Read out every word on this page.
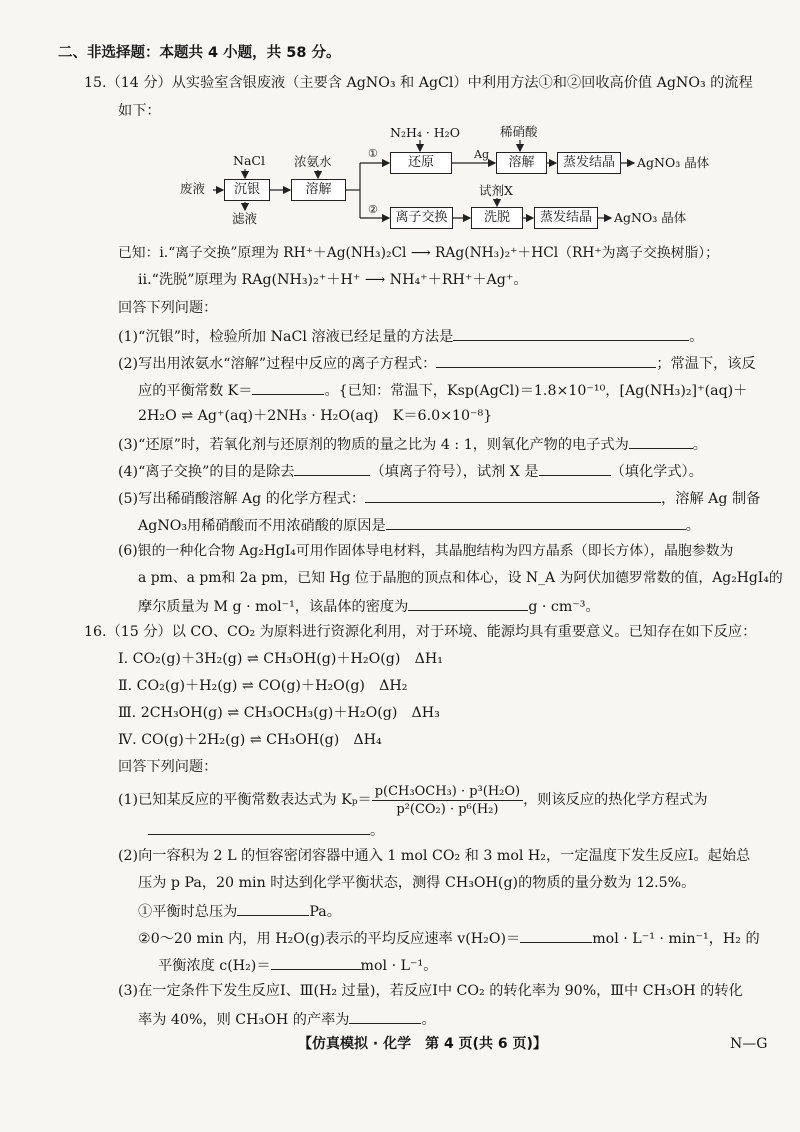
二、非选择题：本题共 4 小题，共 58 分。
15.（14 分）从实验室含银废液（主要含 AgNO₃ 和 AgCl）中利用方法①和②回收高价值 AgNO₃ 的流程
如下：
废液
NaCl
沉银
滤液
浓氨水
溶解
①
②
N₂H₄ · H₂O
还原
Ag
稀硝酸
溶解	蒸发结晶	AgNO₃ 晶体
离子交换
试剂X
洗脱	蒸发结晶	AgNO₃ 晶体
已知：ⅰ.“离子交换”原理为 RH⁺＋Ag(NH₃)₂Cl ⟶ RAg(NH₃)₂⁺＋HCl（RH⁺为离子交换树脂）；
ⅱ.“洗脱”原理为 RAg(NH₃)₂⁺＋H⁺ ⟶ NH₄⁺＋RH⁺＋Ag⁺。
回答下列问题：
(1)“沉银”时，检验所加 NaCl 溶液已经足量的方法是	。
(2)写出用浓氨水“溶解”过程中反应的离子方程式：	；常温下，该反
应的平衡常数 K＝	。{已知：常温下，Ksp(AgCl)＝1.8×10⁻¹⁰，[Ag(NH₃)₂]⁺(aq)＋
2H₂O ⇌ Ag⁺(aq)＋2NH₃ · H₂O(aq)　K＝6.0×10⁻⁸}
(3)“还原”时，若氧化剂与还原剂的物质的量之比为 4 : 1，则氧化产物的电子式为	。
(4)“离子交换”的目的是除去	（填离子符号），试剂 X 是	（填化学式）。
(5)写出稀硝酸溶解 Ag 的化学方程式：	，溶解 Ag 制备
AgNO₃用稀硝酸而不用浓硝酸的原因是	。
(6)银的一种化合物 Ag₂HgI₄可用作固体导电材料，其晶胞结构为四方晶系（即长方体），晶胞参数为
a pm、a pm和 2a pm，已知 Hg 位于晶胞的顶点和体心，设 N_A 为阿伏加德罗常数的值，Ag₂HgI₄的
摩尔质量为 M g · mol⁻¹，该晶体的密度为	g · cm⁻³。
16.（15 分）以 CO、CO₂ 为原料进行资源化利用，对于环境、能源均具有重要意义。已知存在如下反应：
Ⅰ. CO₂(g)＋3H₂(g) ⇌ CH₃OH(g)＋H₂O(g)　ΔH₁
Ⅱ. CO₂(g)＋H₂(g) ⇌ CO(g)＋H₂O(g)　ΔH₂
Ⅲ. 2CH₃OH(g) ⇌ CH₃OCH₃(g)＋H₂O(g)　ΔH₃
Ⅳ. CO(g)＋2H₂(g) ⇌ CH₃OH(g)　ΔH₄
回答下列问题：
(1)已知某反应的平衡常数表达式为 Kₚ＝
p(CH₃OCH₃) · p³(H₂O)
p²(CO₂) · p⁶(H₂)
，则该反应的热化学方程式为
。
(2)向一容积为 2 L 的恒容密闭容器中通入 1 mol CO₂ 和 3 mol H₂，一定温度下发生反应Ⅰ。起始总
压为 p Pa，20 min 时达到化学平衡状态，测得 CH₃OH(g)的物质的量分数为 12.5%。
①平衡时总压为	Pa。
②0～20 min 内，用 H₂O(g)表示的平均反应速率 v(H₂O)＝	mol · L⁻¹ · min⁻¹，H₂ 的
平衡浓度 c(H₂)＝	mol · L⁻¹。
(3)在一定条件下发生反应Ⅰ、Ⅲ(H₂ 过量)，若反应Ⅰ中 CO₂ 的转化率为 90%，Ⅲ中 CH₃OH 的转化
率为 40%，则 CH₃OH 的产率为	。
【仿真模拟 · 化学　第 4 页(共 6 页)】	N—G
